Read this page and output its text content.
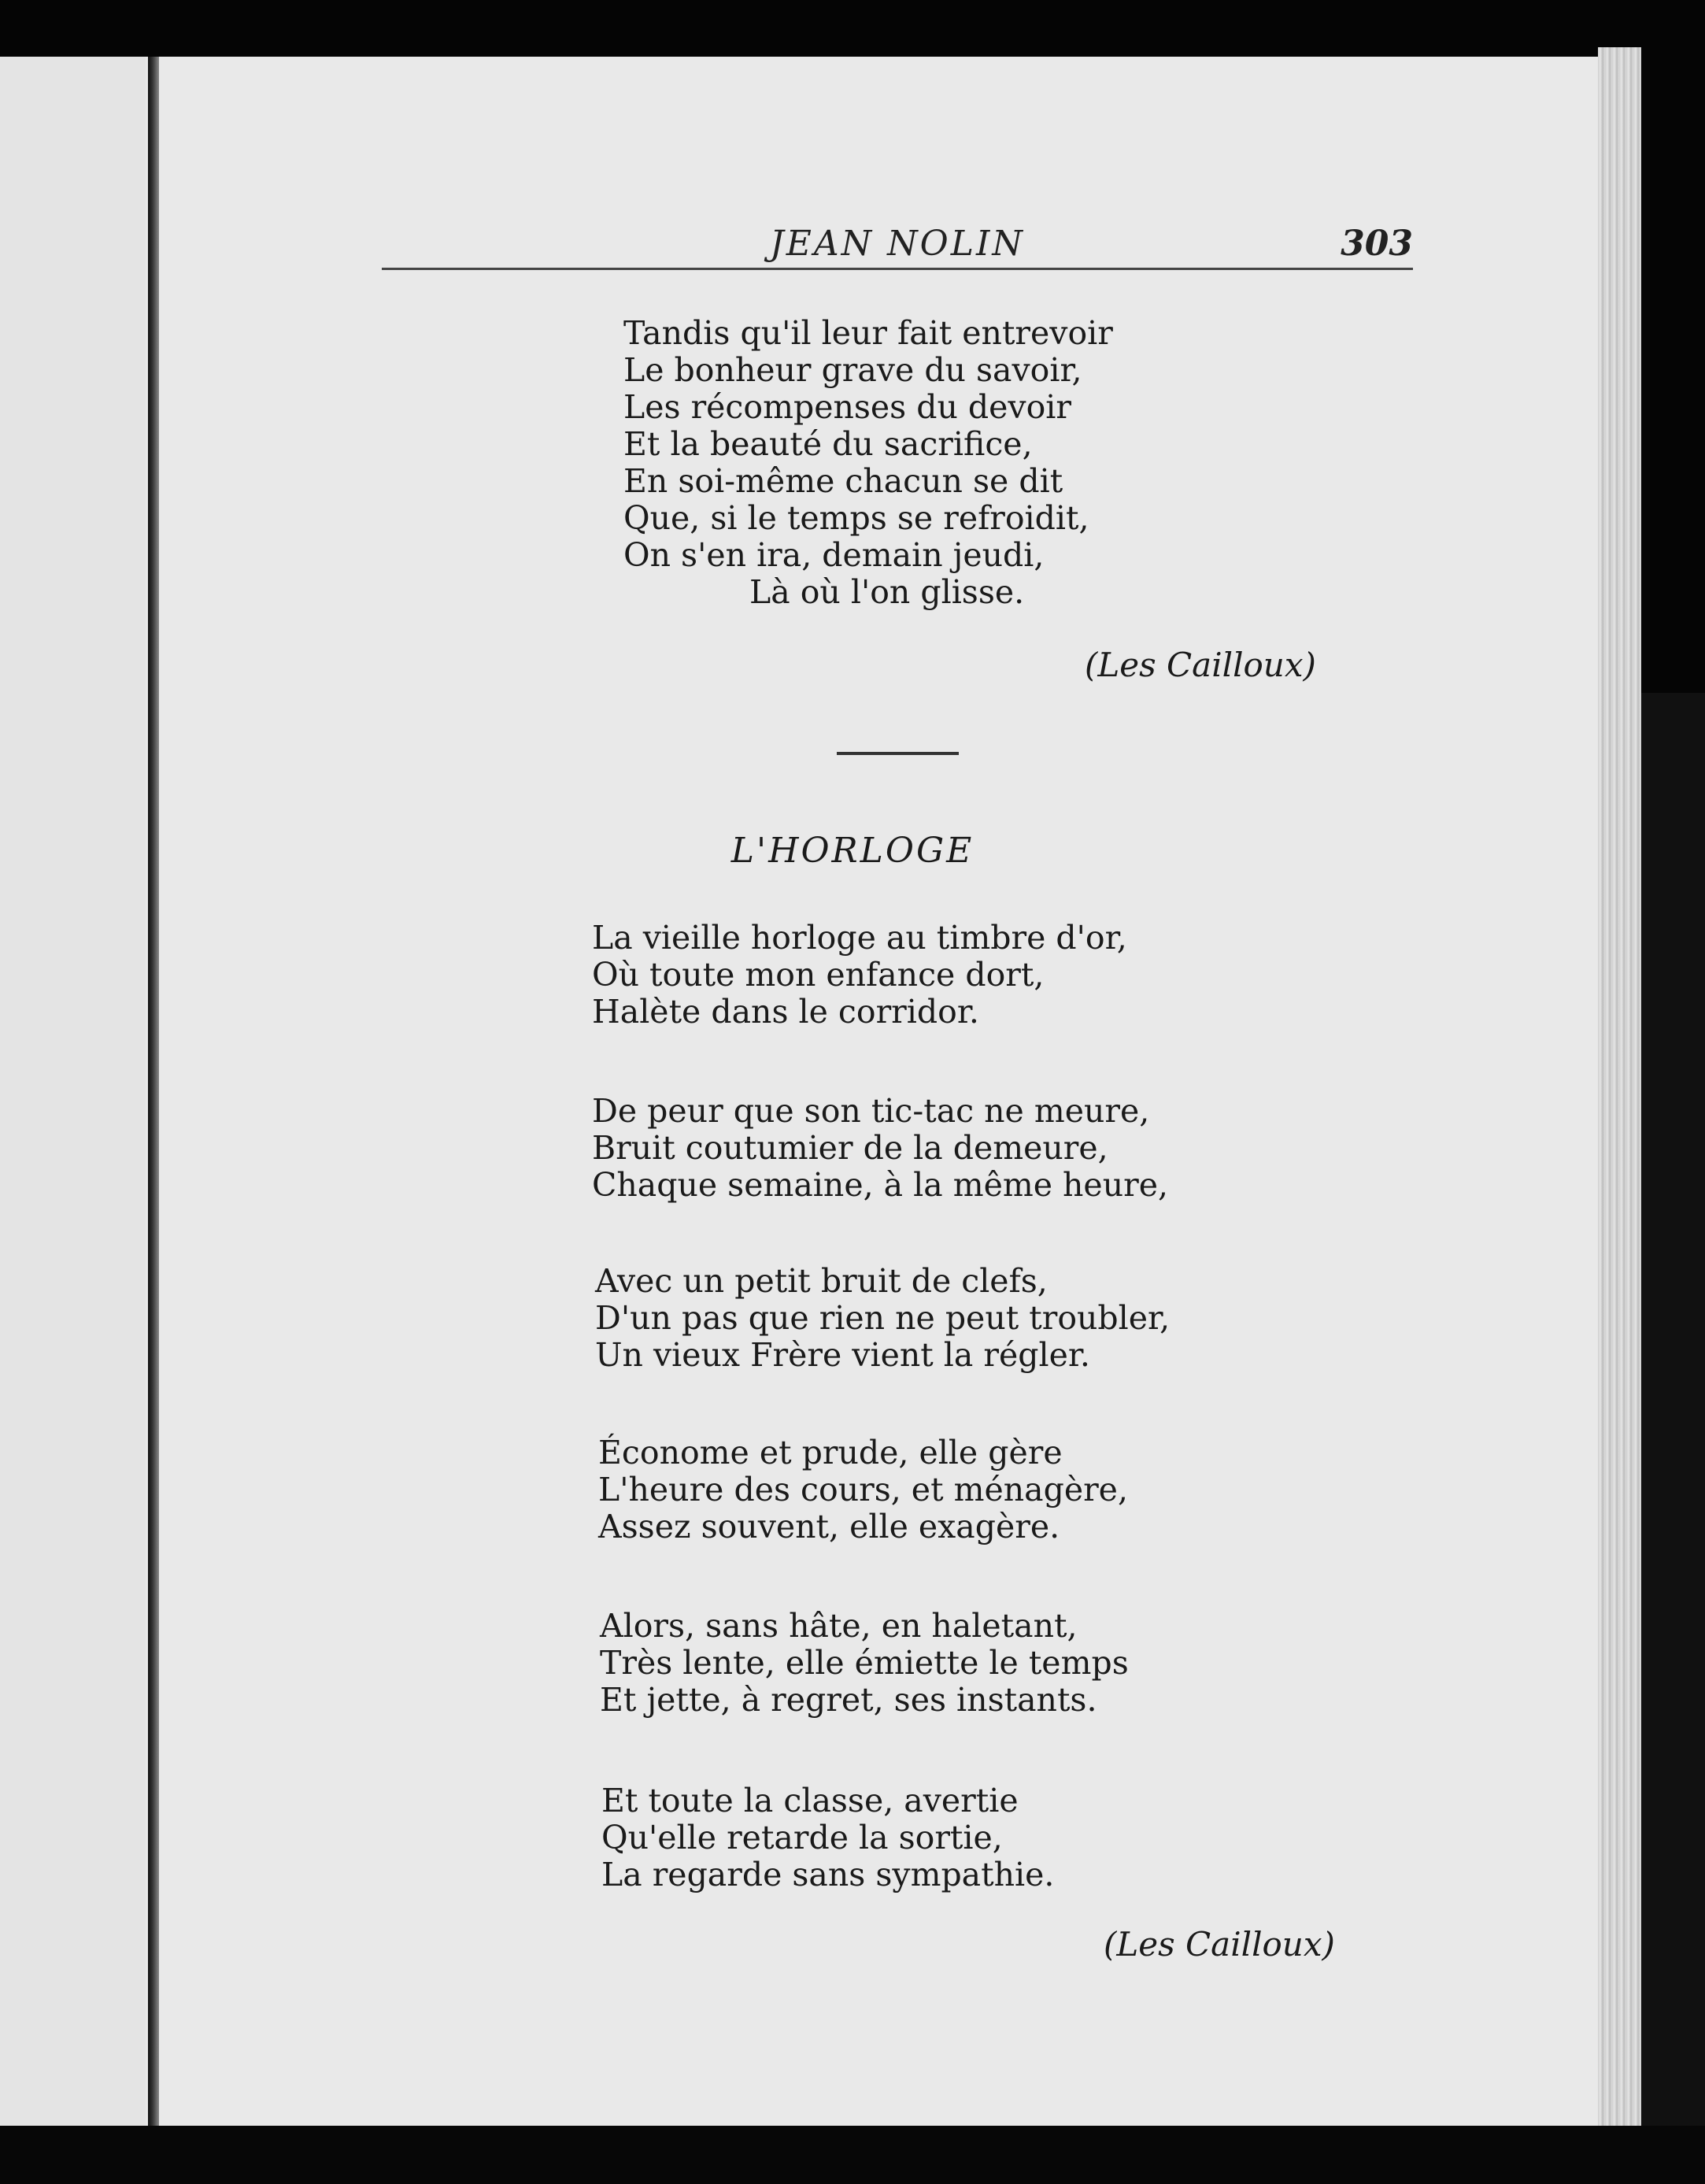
JEAN NOLIN	303
Tandis qu'il leur fait entrevoir
Le bonheur grave du savoir,
Les récompenses du devoir
Et la beauté du sacrifice,
En soi-même chacun se dit
Que, si le temps se refroidit,
On s'en ira, demain jeudi,
Là où l'on glisse.
(Les Cailloux)
L'HORLOGE
La vieille horloge au timbre d'or,
Où toute mon enfance dort,
Halète dans le corridor.
De peur que son tic-tac ne meure,
Bruit coutumier de la demeure,
Chaque semaine, à la même heure,
Avec un petit bruit de clefs,
D'un pas que rien ne peut troubler,
Un vieux Frère vient la régler.
Économe et prude, elle gère
L'heure des cours, et ménagère,
Assez souvent, elle exagère.
Alors, sans hâte, en haletant,
Très lente, elle émiette le temps
Et jette, à regret, ses instants.
Et toute la classe, avertie
Qu'elle retarde la sortie,
La regarde sans sympathie.
(Les Cailloux)
